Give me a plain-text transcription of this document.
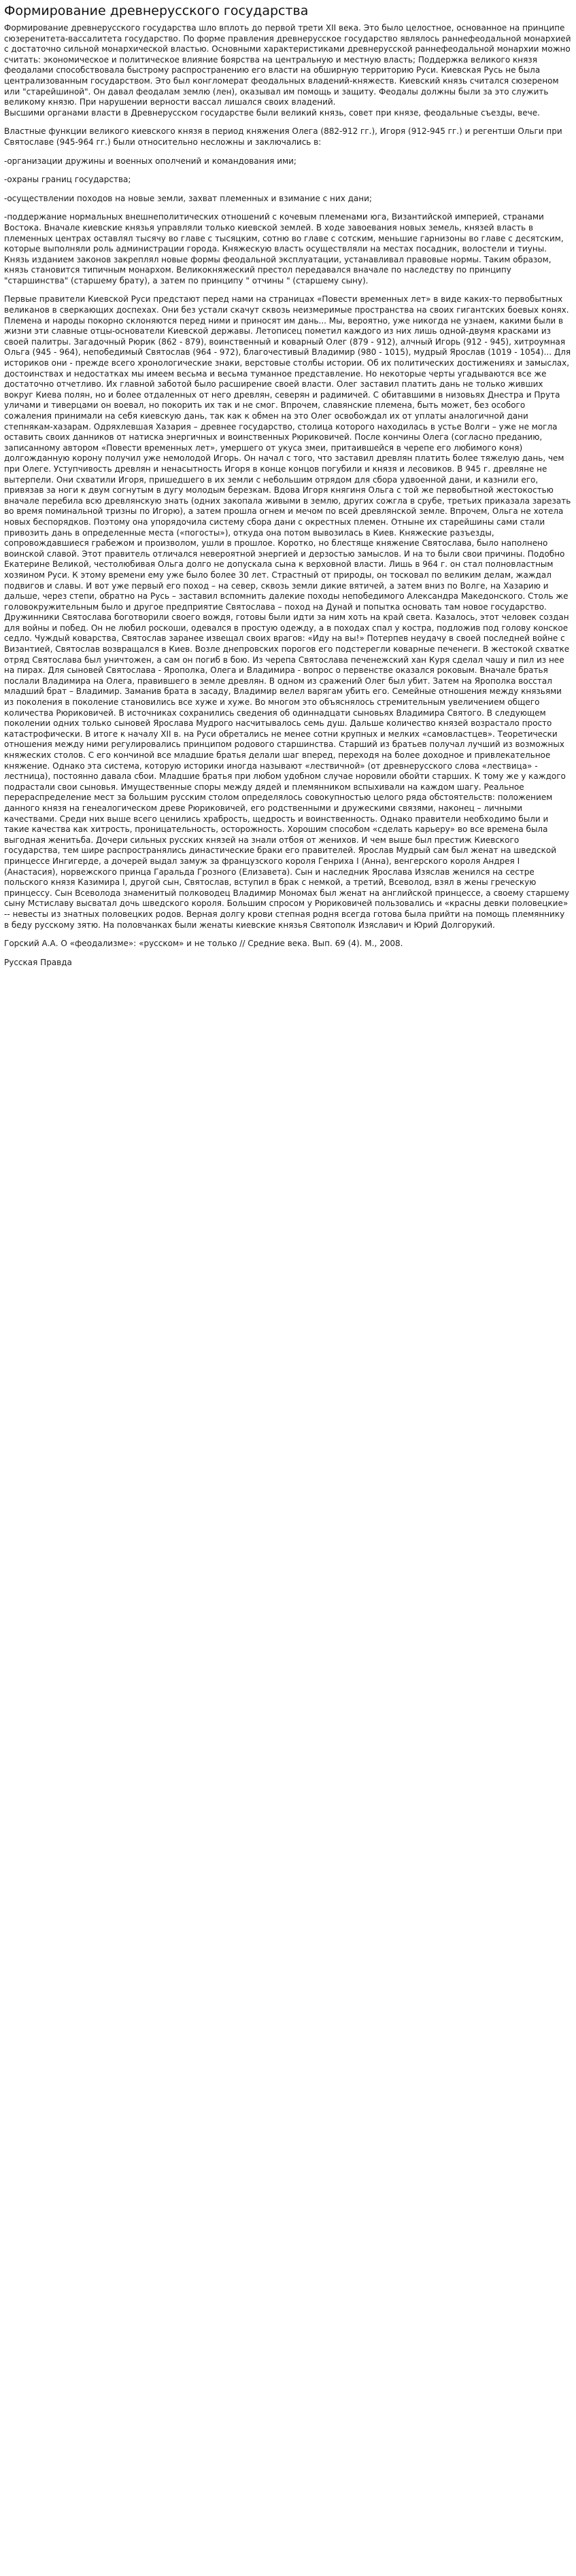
Формирование древнерусского государства

Формирование древнерусского государства шло вплоть до первой трети XII века. Это было целостное, основанное на принципе сюзеренитета-вассалитета государство. По форме правления древнерусское государство являлось раннефеодальной монархией с достаточно сильной монархической властью. Основными характеристиками древнерусской раннефеодальной монархии можно считать: экономическое и политическое влияние боярства на центральную и местную власть; Поддержка великого князя феодалами способствовала быстрому распространению его власти на обширную территорию Руси. Киевская Русь не была централизованным государством. Это был конгломерат феодальных владений-княжеств. Киевский князь считался сюзереном или "старейшиной". Он давал феодалам землю (лен), оказывал им помощь и защиту. Феодалы должны были за это служить великому князю. При нарушении верности вассал лишался своих владений.

Высшими органами власти в Древнерусском государстве были великий князь, совет при князе, феодальные съезды, вече.

Властные функции великого киевского князя в период княжения Олега (882-912 гг.), Игоря (912-945 гг.) и регентши Ольги при Святославе (945-964 гг.) были относительно несложны и заключались в:

-организации дружины и военных ополчений и командования ими;

-охраны границ государства;

-осуществлении походов на новые земли, захват племенных и взимание с них дани;

-поддержание нормальных внешнеполитических отношений с кочевым племенами югa, Византийской империей, странами Востока. Вначале киевские князья управляли только киевской землей. В ходе завоевания новых земель, князей власть в племенных центрах оставлял тысячу во главе с тысяцким, сотню во главе с сотским, меньшие гарнизоны во главе с десятским, которые выполняли роль администрации города. Княжескую власть осуществляли на местах посадник, волостели и тиуны. Князь изданием законов закреплял новые формы феодальной эксплуатации, устанавливал правовые нормы. Таким образом, князь становится типичным монархом. Великокняжеский престол передавался вначале по наследству по принципу "старшинства" (старшему брату), а затем по принципу " отчины " (старшему сыну).

Первые правители Киевской Руси предстают перед нами на страницах «Повести временных лет» в виде каких-то первобытных великанов в сверкающих доспехах. Они без устали скачут сквозь неизмеримые пространства на своих гигантских боевых конях. Племена и народы покорно склоняются перед ними и приносят им дань... Мы, вероятно, уже никогда не узнаем, какими были в жизни эти славные отцы-основатели Киевской державы. Летописец пометил каждого из них лишь одной-двумя красками из своей палитры. Загадочный Рюрик (862 - 879), воинственный и коварный Олег (879 - 912), алчный Игорь (912 - 945), хитроумная Ольга (945 - 964), непобедимый Святослав (964 - 972), благочестивый Владимир (980 - 1015), мудрый Ярослав (1019 - 1054)... Для историков они - прежде всего хронологические знаки, верстовые столбы истории. Об их политических достижениях и замыслах, достоинствах и недостатках мы имеем весьма и весьма туманное представление. Но некоторые черты угадываются все же достаточно отчетливо. Их главной заботой было расширение своей власти. Олег заставил платить дань не только живших вокруг Киева полян, но и более отдаленных от него древлян, северян и радимичей. С обитавшими в низовьях Днестра и Прута уличами и тиверцами он воевал, но покорить их так и не смог. Впрочем, славянские племена, быть может, без особого сожаления принимали на себя киевскую дань, так как к обмен на это Олег освобождал их от уплаты аналогичной дани степнякам-хазарам. Одряхлевшая Хазария – древнее государство, столица которого находилась в устье Волги – уже не могла оставить своих данников от натиска энергичных и воинственных Рюриковичей. После кончины Олега (согласно преданию, записанному автором «Повести временных лет», умершего от укуса змеи, притаившейся в черепе его любимого коня) долгожданную корону получил уже немолодой Игорь. Он начал с того, что заставил древлян платить более тяжелую дань, чем при Олеге. Уступчивость древлян и ненасытность Игоря в конце концов погубили и князя и лесовиков. В 945 г. древляне не вытерпели. Они схватили Игоря, пришедшего в их земли с небольшим отрядом для сбора удвоенной дани, и казнили его, привязав за ноги к двум согнутым в дугу молодым березкам. Вдова Игоря княгиня Ольга с той же первобытной жестокостью вначале перебила всю древлянскую знать (одних закопала живыми в землю, других сожгла в срубе, третьих приказала зарезать во время поминальной тризны по Игорю), а затем прошла огнем и мечом по всей древлянской земле. Впрочем, Ольга не хотела новых беспорядков. Поэтому она упорядочила систему сбора дани с окрестных племен. Отныне их старейшины сами стали привозить дань в определенные места («погосты»), откуда она потом вывозилась в Киев. Княжеские разъезды, сопровождавшиеся грабежом и произволом, ушли в прошлое. Коротко, но блестяще княжение Святослава, было наполнено воинской славой. Этот правитель отличался невероятной энергией и дерзостью замыслов. И на то были свои причины. Подобно Екатерине Великой, честолюбивая Ольга долго не допускала сына к верховной власти. Лишь в 964 г. он стал полновластным хозяином Руси. К этому времени ему уже было более 30 лет. Страстный от природы, он тосковал по великим делам, жаждал подвигов и славы. И вот уже первый его поход – на север, сквозь земли дикие вятичей, а затем вниз по Волге, на Хазарию и дальше, через степи, обратно на Русь – заставил вспомнить далекие походы непобедимого Александра Македонского. Столь же головокружительным было и другое предприятие Святослава – поход на Дунай и попытка основать там новое государство. Дружинники Святослава боготворили своего вождя, готовы были идти за ним хоть на край света. Казалось, этот человек создан для войны и побед. Он не любил роскоши, одевался в простую одежду, а в походах спал у костра, подложив под голову конское седло. Чуждый коварства, Святослав заранее извещал своих врагов: «Иду на вы!» Потерпев неудачу в своей последней войне с Византией, Святослав возвращался в Киев. Возле днепровских порогов его подстерегли коварные печенеги. В жестокой схватке отряд Святослава был уничтожен, а сам он погиб в бою. Из черепа Святослава печенежский хан Куря сделал чашу и пил из нее на пирах. Для сыновей Святослава - Ярополка, Олега и Владимира - вопрос о первенстве оказался роковым. Вначале братья послали Владимира на Олега, правившего в земле древлян. В одном из сражений Олег был убит. Затем на Ярополка восстал младший брат – Владимир. Заманив брата в засаду, Владимир велел варягам убить его. Семейные отношения между князьями из поколения в поколение становились все хуже и хуже. Во многом это объяснялось стремительным увеличением общего количества Рюриковичей. В источниках сохранились сведения об одиннадцати сыновьях Владимира Святого. В следующем поколении одних только сыновей Ярослава Мудрого насчитывалось семь душ. Дальше количество князей возрастало просто катастрофически. В итоге к началу XII в. на Руси обретались не менее сотни крупных и мелких «самовластцев». Теоретически отношения между ними регулировались принципом родового старшинства. Старший из братьев получал лучший из возможных княжеских столов. С его кончиной все младшие братья делали шаг вперед, переходя на более доходное и привлекательное княжение. Однако эта система, которую историки иногда называют «лествичной» (от древнерусского слова «лествица» - лестница), постоянно давала сбои. Младшие братья при любом удобном случае норовили обойти старших. К тому же у каждого подрастали свои сыновья. Имущественные споры между дядей и племянником вспыхивали на каждом шагу. Реальное перераспределение мест за большим русским столом определялось совокупностью целого ряда обстоятельств: положением данного князя на генеалогическом древе Рюриковичей, его родственными и дружескими связями, наконец – личными качествами. Среди них выше всего ценились храбрость, щедрость и воинственность. Однако правители необходимо были и такие качества как хитрость, проницательность, осторожность. Хорошим способом «сделать карьеру» во все времена была выгодная женитьба. Дочери сильных русских князей на знали отбоя от женихов. И чем выше был престиж Киевского государства, тем шире распространялись династические браки его правителей. Ярослав Мудрый сам был женат на шведской принцессе Ингигерде, а дочерей выдал замуж за французского короля Генриха I (Анна), венгерского короля Андрея I (Анастасия), норвежского принца Гаральда Грозного (Елизавета). Сын и наследник Ярослава Изяслав женился на сестре польского князя Казимира I, другой сын, Святослав, вступил в брак с немкой, а третий, Всеволод, взял в жены греческую принцессу. Сын Всеволода знаменитый полководец Владимир Мономах был женат на английской принцессе, а своему старшему сыну Мстиславу высватал дочь шведского короля. Большим спросом у Рюриковичей пользовались и «красны девки половецкие» -- невесты из знатных половецких родов. Верная долгу крови степная родня всегда готова была прийти на помощь племяннику в беду русскому зятю. На половчанках были женаты киевские князья Святополк Изяславич и Юрий Долгорукий.

Горский А.А. О «феодализме»: «русском» и не только // Средние века. Вып. 69 (4). М., 2008.

Русская Правда
